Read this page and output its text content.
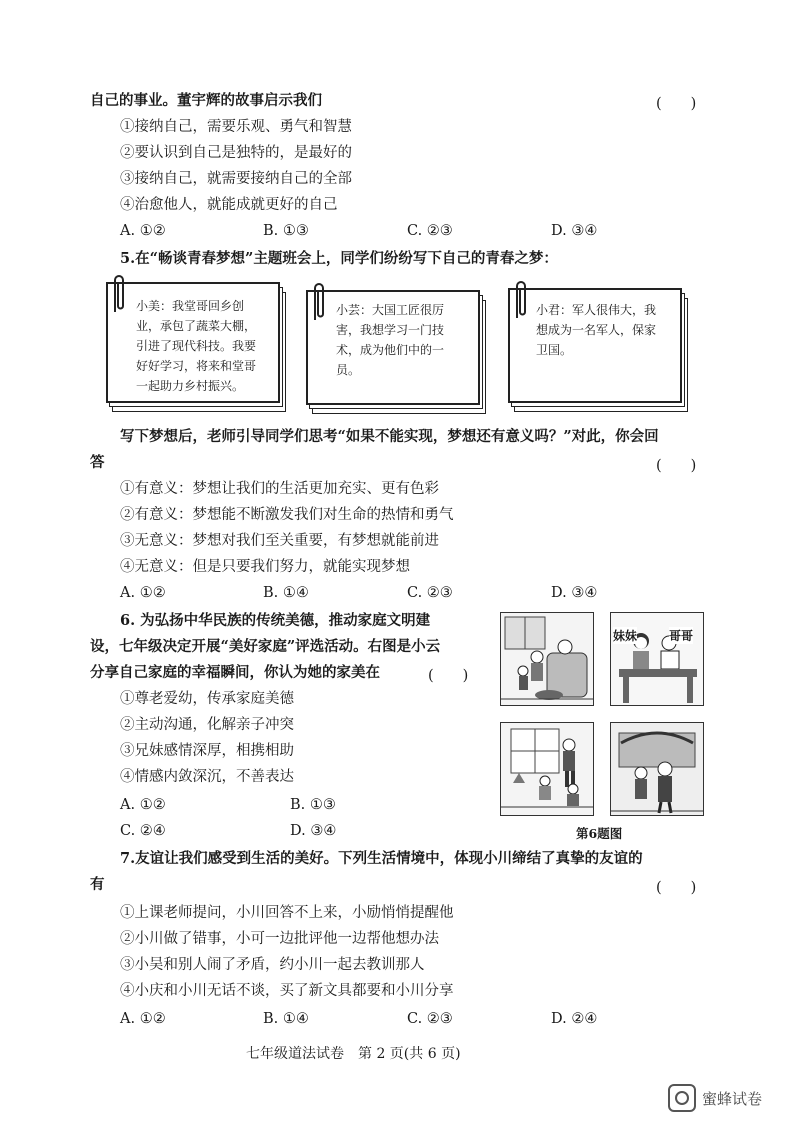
自己的事业。董宇辉的故事启示我们	(　　)
①接纳自己，需要乐观、勇气和智慧
②要认识到自己是独特的，是最好的
③接纳自己，就需要接纳自己的全部
④治愈他人，就能成就更好的自己
A. ①②	B. ①③	C. ②③	D. ③④
5.在“畅谈青春梦想”主题班会上，同学们纷纷写下自己的青春之梦：
小美：我堂哥回乡创业，承包了蔬菜大棚，引进了现代科技。我要好好学习，将来和堂哥一起助力乡村振兴。
小芸：大国工匠很厉害，我想学习一门技术，成为他们中的一员。
小君：军人很伟大，我想成为一名军人，保家卫国。
写下梦想后，老师引导同学们思考“如果不能实现，梦想还有意义吗？”对此，你会回
答	(　　)
①有意义：梦想让我们的生活更加充实、更有色彩
②有意义：梦想能不断激发我们对生命的热情和勇气
③无意义：梦想对我们至关重要，有梦想就能前进
④无意义：但是只要我们努力，就能实现梦想
A. ①②	B. ①④	C. ②③	D. ③④
6. 为弘扬中华民族的传统美德，推动家庭文明建
设，七年级决定开展“美好家庭”评选活动。右图是小云
分享自己家庭的幸福瞬间，你认为她的家美在	(　　)
①尊老爱幼，传承家庭美德
②主动沟通，化解亲子冲突
③兄妹感情深厚，相携相助
④情感内敛深沉，不善表达
A. ①②	B. ①③
C. ②④	D. ③④
妹妹	哥哥
第6题图
7.友谊让我们感受到生活的美好。下列生活情境中，体现小川缔结了真挚的友谊的
有	(　　)
①上课老师提问，小川回答不上来，小励悄悄提醒他
②小川做了错事，小可一边批评他一边帮他想办法
③小吴和别人闹了矛盾，约小川一起去教训那人
④小庆和小川无话不谈，买了新文具都要和小川分享
A. ①②	B. ①④	C. ②③	D. ②④
七年级道法试卷　第 2 页(共 6 页)
蜜蜂试卷
